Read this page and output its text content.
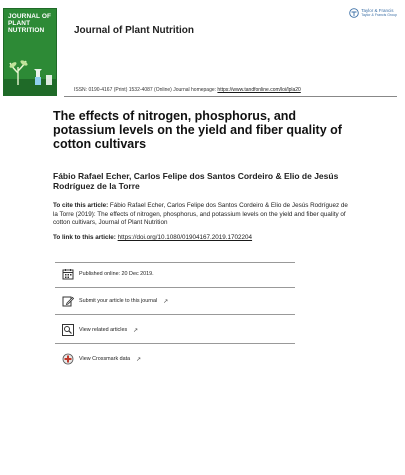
JOURNAL OF
PLANT
NUTRITION	Journal of Plant Nutrition
Taylor & Francis
Taylor & Francis Group
ISSN: 0190-4167 (Print) 1532-4087 (Online) Journal homepage: https://www.tandfonline.com/loi/lpla20
The effects of nitrogen, phosphorus, and potassium levels on the yield and fiber quality of cotton cultivars
Fábio Rafael Echer, Carlos Felipe dos Santos Cordeiro & Elio de Jesús Rodríguez de la Torre
To cite this article: Fábio Rafael Echer, Carlos Felipe dos Santos Cordeiro & Elio de Jesús Rodríguez de la Torre (2019): The effects of nitrogen, phosphorus, and potassium levels on the yield and fiber quality of cotton cultivars, Journal of Plant Nutrition
To link to this article: https://doi.org/10.1080/01904167.2019.1702204
Published online: 20 Dec 2019.
Submit your article to this journal ↗
View related articles ↗
View Crossmark data ↗
